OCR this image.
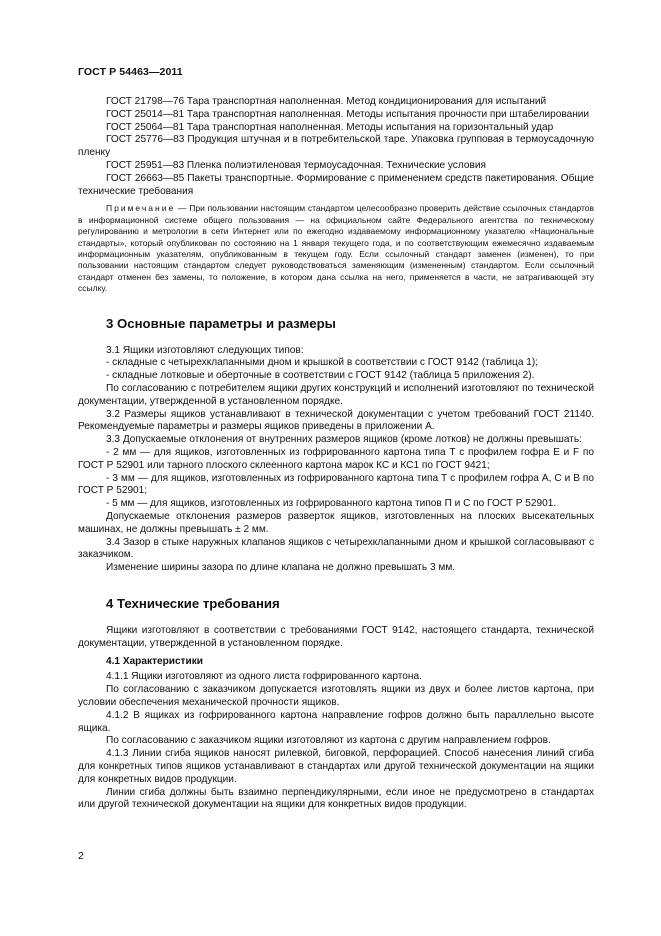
ГОСТ Р 54463—2011

ГОСТ 21798—76 Тара транспортная наполненная. Метод кондиционирования для испытаний

ГОСТ 25014—81 Тара транспортная наполненная. Методы испытания прочности при штабелировании

ГОСТ 25064—81 Тара транспортная наполненная. Методы испытания на горизонтальный удар

ГОСТ 25776—83 Продукция штучная и в потребительской таре. Упаковка групповая в термоусадочную пленку

ГОСТ 25951—83 Пленка полиэтиленовая термоусадочная. Технические условия

ГОСТ 26663—85 Пакеты транспортные. Формирование с применением средств пакетирования. Общие технические требования

Примечание — При пользовании настоящим стандартом целесообразно проверить действие ссылочных стандартов в информационной системе общего пользования — на официальном сайте Федерального агентства по техническому регулированию и метрологии в сети Интернет или по ежегодно издаваемому информационному указателю «Национальные стандарты», который опубликован по состоянию на 1 января текущего года, и по соответствующим ежемесячно издаваемым информационным указателям, опубликованным в текущем году. Если ссылочный стандарт заменен (изменен), то при пользовании настоящим стандартом следует руководствоваться заменяющим (измененным) стандартом. Если ссылочный стандарт отменен без замены, то положение, в котором дана ссылка на него, применяется в части, не затрагивающей эту ссылку.
3 Основные параметры и размеры

3.1 Ящики изготовляют следующих типов:

- складные с четырехклапанными дном и крышкой в соответствии с ГОСТ 9142 (таблица 1);

- складные лотковые и оберточные в соответствии с ГОСТ 9142 (таблица 5 приложения 2).

По согласованию с потребителем ящики других конструкций и исполнений изготовляют по технической документации, утвержденной в установленном порядке.

3.2 Размеры ящиков устанавливают в технической документации с учетом требований ГОСТ 21140. Рекомендуемые параметры и размеры ящиков приведены в приложении А.

3.3 Допускаемые отклонения от внутренних размеров ящиков (кроме лотков) не должны превышать:

- 2 мм — для ящиков, изготовленных из гофрированного картона типа Т с профилем гофра Е и F по ГОСТ Р 52901 или тарного плоского склеенного картона марок КС и КС1 по ГОСТ 9421;

- 3 мм — для ящиков, изготовленных из гофрированного картона типа Т с профилем гофра А, С и В по ГОСТ Р 52901;

- 5 мм — для ящиков, изготовленных из гофрированного картона типов П и С по ГОСТ Р 52901.

Допускаемые отклонения размеров разверток ящиков, изготовленных на плоских высекательных машинах, не должны превышать ± 2 мм.

3.4 Зазор в стыке наружных клапанов ящиков с четырехклапанными дном и крышкой согласовывают с заказчиком.

Изменение ширины зазора по длине клапана не должно превышать 3 мм.

4 Технические требования

Ящики изготовляют в соответствии с требованиями ГОСТ 9142, настоящего стандарта, технической документации, утвержденной в установленном порядке.

4.1 Характеристики

4.1.1 Ящики изготовляют из одного листа гофрированного картона.

По согласованию с заказчиком допускается изготовлять ящики из двух и более листов картона, при условии обеспечения механической прочности ящиков.

4.1.2 В ящиках из гофрированного картона направление гофров должно быть параллельно высоте ящика.

По согласованию с заказчиком ящики изготовляют из картона с другим направлением гофров.

4.1.3 Линии сгиба ящиков наносят рилевкой, биговкой, перфорацией. Способ нанесения линий сгиба для конкретных типов ящиков устанавливают в стандартах или другой технической документации на ящики для конкретных видов продукции.

Линии сгиба должны быть взаимно перпендикулярными, если иное не предусмотрено в стандартах или другой технической документации на ящики для конкретных видов продукции.

2
